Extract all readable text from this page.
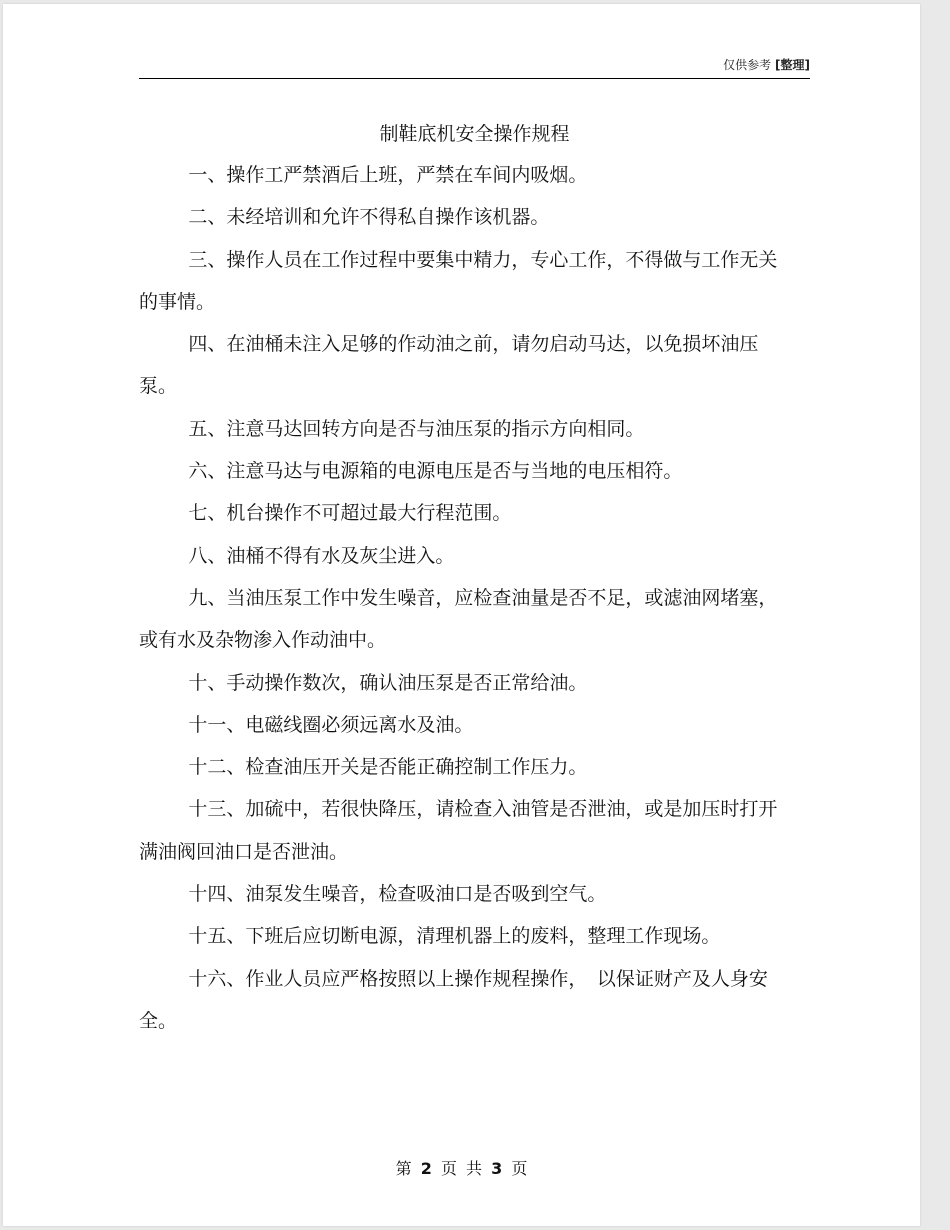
仅供参考 [整理]
制鞋底机安全操作规程

一、操作工严禁酒后上班，严禁在车间内吸烟。

二、未经培训和允许不得私自操作该机器。

三、操作人员在工作过程中要集中精力，专心工作，不得做与工作无关的事情。

四、在油桶未注入足够的作动油之前，请勿启动马达，以免损坏油压泵。

五、注意马达回转方向是否与油压泵的指示方向相同。

六、注意马达与电源箱的电源电压是否与当地的电压相符。

七、机台操作不可超过最大行程范围。

八、油桶不得有水及灰尘进入。

九、当油压泵工作中发生噪音，应检查油量是否不足，或滤油网堵塞，或有水及杂物渗入作动油中。

十、手动操作数次，确认油压泵是否正常给油。

十一、电磁线圈必须远离水及油。

十二、检查油压开关是否能正确控制工作压力。

十三、加硫中，若很快降压，请检查入油管是否泄油，或是加压时打开满油阀回油口是否泄油。

十四、油泵发生噪音，检查吸油口是否吸到空气。

十五、下班后应切断电源，清理机器上的废料，整理工作现场。

十六、作业人员应严格按照以上操作规程操作，　以保证财产及人身安全。

第 2 页 共 3 页
